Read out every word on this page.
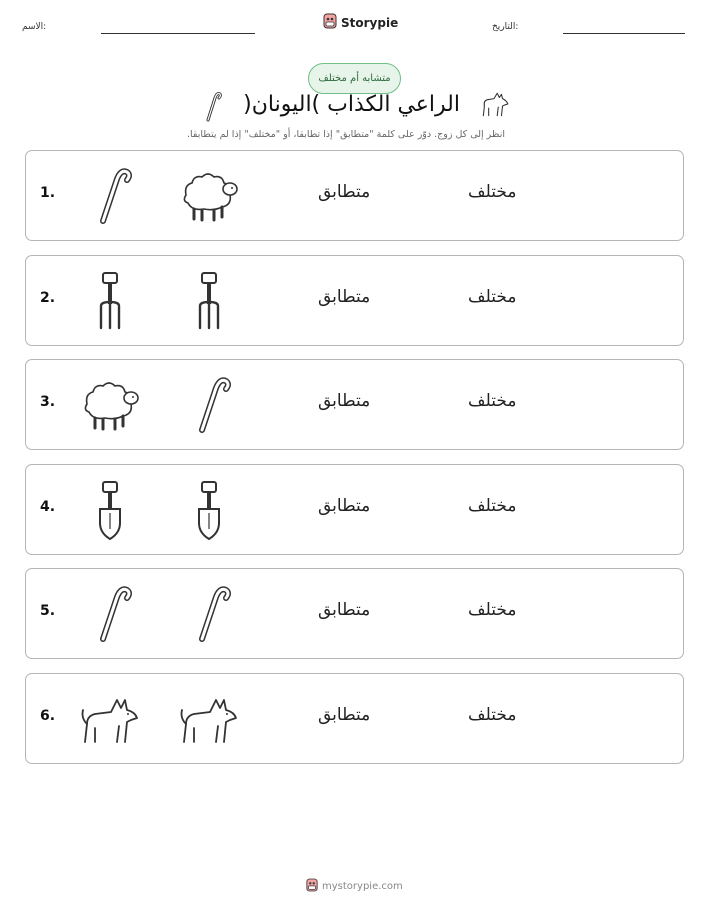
الاسم:	Storypie	التاريخ:
متشابه أم مختلف
الراعي الكذاب )اليونان(
انظر إلى كل زوج. دوّر على كلمة "متطابق" إذا تطابقا، أو "مختلف" إذا لم يتطابقا.
1.	متطابق	مختلف
2.	متطابق	مختلف
3.	متطابق	مختلف
4.	متطابق	مختلف
5.	متطابق	مختلف
6.	متطابق	مختلف
mystorypie.com
